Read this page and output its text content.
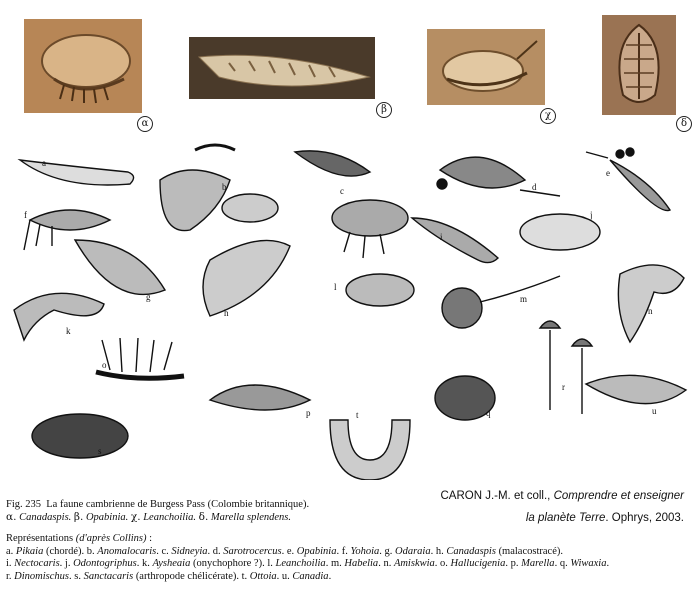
α
β
χ
δ
a
b	c	d
e
f
g
h
i
j
k
l
m
n
o
p	q
r
s
t	u
Fig. 235 La faune cambrienne de Burgess Pass (Colombie britannique).
α. Canadaspis. β. Opabinia. χ. Leanchoilia. δ. Marella splendens.
CARON J.-M. et coll., Comprendre et enseigner
la planète Terre. Ophrys, 2003.
Représentations (d'après Collins) :
a. Pikaia (chordé). b. Anomalocaris. c. Sidneyia. d. Sarotrocercus. e. Opabinia. f. Yohoia. g. Odaraia. h. Canadaspis (malacostracé).
i. Nectocaris. j. Odontogriphus. k. Aysheaia (onychophore ?). l. Leanchoilia. m. Habelia. n. Amiskwia. o. Hallucigenia. p. Marella. q. Wiwaxia.
r. Dinomischus. s. Sanctacaris (arthropode chélicérate). t. Ottoia. u. Canadia.
